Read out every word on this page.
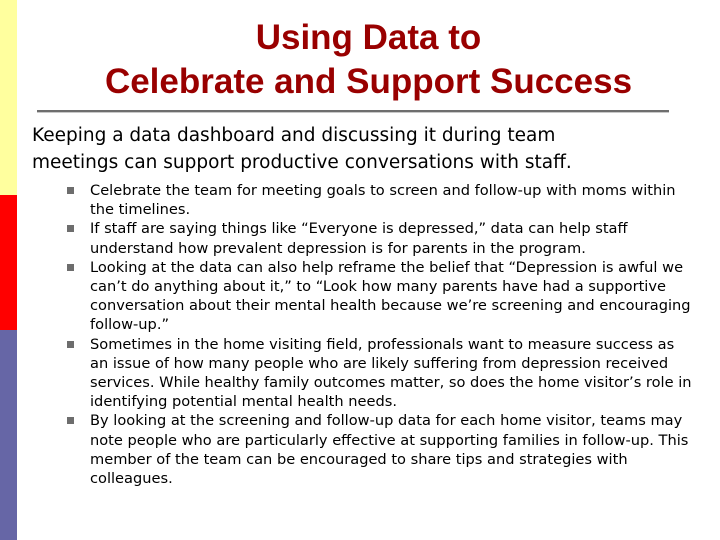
Using Data to
Celebrate and Support Success
Keeping a data dashboard and discussing it during team
meetings can support productive conversations with staff.
Celebrate the team for meeting goals to screen and follow-up with moms within the timelines.
If staff are saying things like “Everyone is depressed,” data can help staff understand how prevalent depression is for parents in the program.
Looking at the data can also help reframe the belief that “Depression is awful we can’t do anything about it,” to “Look how many parents have had a supportive conversation about their mental health because we’re screening and encouraging follow-up.”
Sometimes in the home visiting field, professionals want to measure success as an issue of how many people who are likely suffering from depression received services. While healthy family outcomes matter, so does the home visitor’s role in identifying potential mental health needs.
By looking at the screening and follow-up data for each home visitor, teams may note people who are particularly effective at supporting families in follow-up. This member of the team can be encouraged to share tips and strategies with colleagues.
